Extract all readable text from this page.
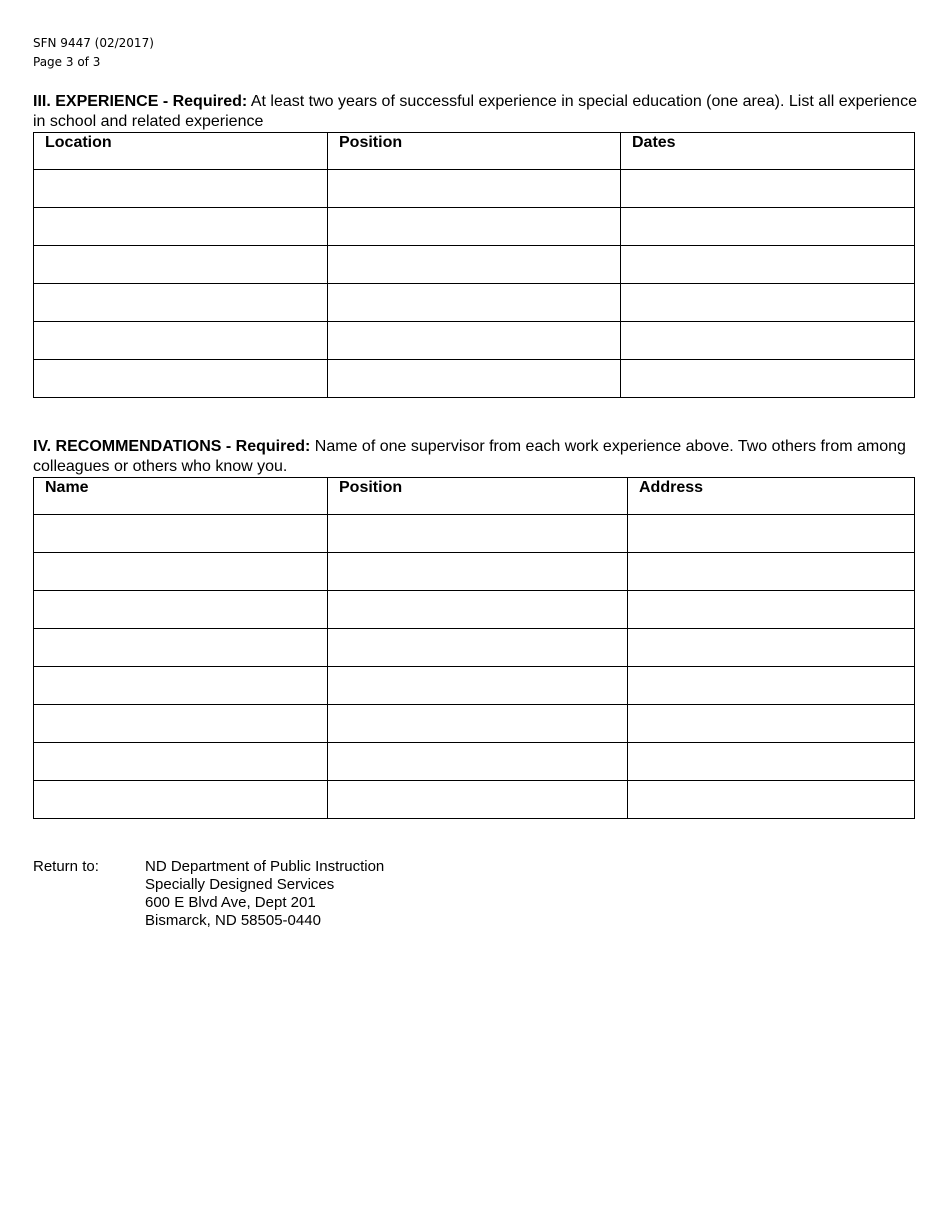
SFN 9447 (02/2017)
Page 3 of 3
III. EXPERIENCE - Required: At least two years of successful experience in special education (one area). List all experience in school and related experience
Location	Position	Dates

IV. RECOMMENDATIONS - Required: Name of one supervisor from each work experience above. Two others from among colleagues or others who know you.
Name	Position	Address

Return to:	ND Department of Public Instruction
Specially Designed Services
600 E Blvd Ave, Dept 201
Bismarck, ND 58505-0440
